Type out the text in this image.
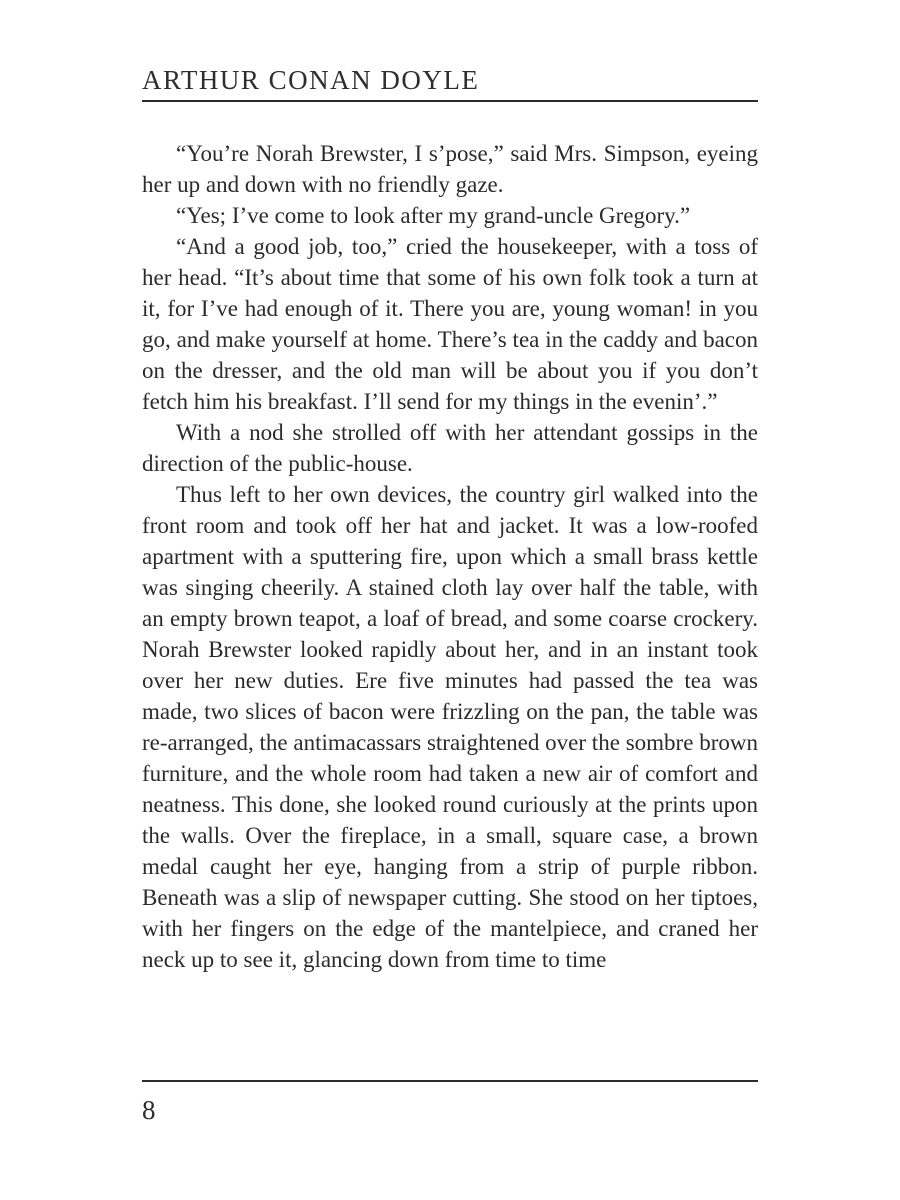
ARTHUR CONAN DOYLE

“You’re Norah Brewster, I s’pose,” said Mrs. Simpson, eyeing her up and down with no friendly gaze.

“Yes; I’ve come to look after my grand-uncle Gregory.”

“And a good job, too,” cried the housekeeper, with a toss of her head. “It’s about time that some of his own folk took a turn at it, for I’ve had enough of it. There you are, young woman! in you go, and make yourself at home. There’s tea in the caddy and bacon on the dresser, and the old man will be about you if you don’t fetch him his breakfast. I’ll send for my things in the evenin’.”

With a nod she strolled off with her attendant gossips in the direction of the public-house.

Thus left to her own devices, the country girl walked into the front room and took off her hat and jacket. It was a low-roofed apartment with a sputtering fire, upon which a small brass kettle was singing cheerily. A stained cloth lay over half the table, with an empty brown teapot, a loaf of bread, and some coarse crockery. Norah Brewster looked rapidly about her, and in an instant took over her new duties. Ere five minutes had passed the tea was made, two slices of bacon were frizzling on the pan, the table was re-arranged, the antimacassars straightened over the sombre brown furniture, and the whole room had taken a new air of comfort and neatness. This done, she looked round curiously at the prints upon the walls. Over the fireplace, in a small, square case, a brown medal caught her eye, hanging from a strip of purple ribbon. Beneath was a slip of newspaper cutting. She stood on her tiptoes, with her fingers on the edge of the mantelpiece, and craned her neck up to see it, glancing down from time to time

8
